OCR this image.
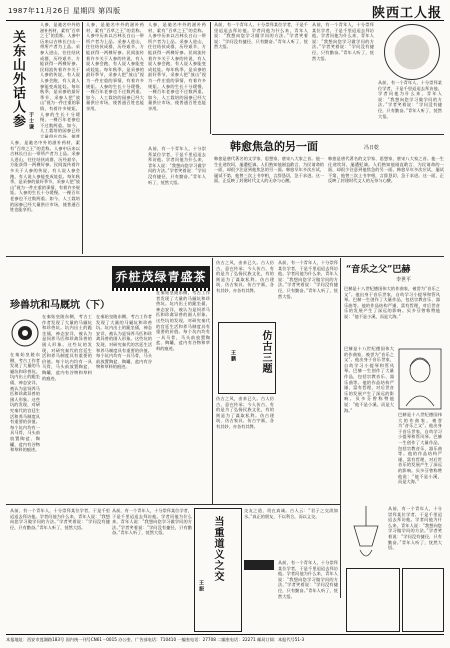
1987年11月26日 星期四 第四版	陕西工人报
关东山外话人参 于士谦
人参，是驰名中外的滋补药材，素有“百草之王”的美称。人参中历来以吉林长白山一带所产者为上品。采参人进山，往往结伙成群，历经艰辛，方能获得一两棵好参。民间流传着许多关于人参的传说，有人说人参会跑，有人说人参能变成娃娃。每年秋季，是采参的最好季节，采参人把“放山”视为一件庄重的事情，有着许多规矩。人参的生长十分缓慢，一棵百年老参也不过数两重。如今，人工栽培的园参已经大量供应市场，使普
人参，是驰名中外的滋补药材，素有“百草之王”的美称。人参中历来以吉林长白山一带所产者为上品。采参人进山，往往结伙成群，历经艰辛，方能获得一两棵好参。民间流传着许多关于人参的传说，有人说人参会跑，有人说人参能变成娃娃。每年秋季，是采参的最好季节，采参人把“放山”视为一件庄重的事情，有着许多规矩。人参的生长十分缓慢，一棵百年老参也不过数两重。如今，人工栽培的园参已经大量供应市场，使普通百姓也能享用。
人参，是驰名中外的滋补药材，素有“百草之王”的美称。人参中历来以吉林长白山一带所产者为上品。采参人进山，往往结伙成群，历经艰辛，方能获得一两棵好参。民间流传着许多关于人参的传说，有人说人参会跑，有人说人参能变成娃娃。每年秋季，是采参的最好季节，采参人把“放山”视为一件庄重的事情，有着许多规矩。人参的生长十分缓慢，一棵百年老参也不过数两重。如今，人工栽培的园参已经大量供应市场，使普通百姓也能享用。
人参，是驰名中外的滋补药材，素有“百草之王”的美称。人参中历来以吉林长白山一带所产者为上品。采参人进山，往往结伙成群，历经艰辛，方能获得一两棵好参。民间流传着许多关于人参的传说，有人说人参会跑，有人说人参能变成娃娃。每年秋季，是采参的最好季节，采参人把“放山”视为一件庄重的事情，有着许多规矩。人参的生长十分缓慢，一棵百年老参也不过数两重。如今，人工栽培的园参已经大量供应市场，使普通百姓也能享用。
从前，有一个青年人，十分崇拜某位学者，于是千里迢迢去拜访他。学者问他为什么来，青年人说：“我想向您学习做学问的方法。”学者笑着说：“学问没有捷径，只有勤奋。”青年人听了，恍然大悟。
从前，有一个青年人，十分崇拜某位学者，于是千里迢迢去拜访他。学者问他为什么来，青年人说：“我想向您学习做学问的方法。”学者笑着说：“学问没有捷径，只有勤奋。”青年人听了，恍然大悟。
从前，有一个青年人，十分崇拜某位学者，于是千里迢迢去拜访他。学者问他为什么来，青年人说：“我想向您学习做学问的方法。”学者笑着说：“学问没有捷径，只有勤奋。”青年人听了，恍然大悟。
韩愈焦急的另一面	冯日乾
韩愈是唐代著名的文学家、思想家，唐宋八大家之首。他一生仕途坎坷，屡遭贬谪。人们熟知他刚直敢言、为民请命的一面，却很少注意到他焦急的另一面。韩愈早年多次应试，屡试不第，他曾三次上书宰相，言辞恳切，急于求进。这一面，正反映了封建时代文人的无奈与心酸。
韩愈是唐代著名的文学家、思想家，唐宋八大家之首。他一生仕途坎坷，屡遭贬谪。人们熟知他刚直敢言、为民请命的一面，却很少注意到他焦急的另一面。韩愈早年多次应试，屡试不第，他曾三次上书宰相，言辞恳切，急于求进。这一面，正反映了封建时代文人的无奈与心酸。
从前，有一个青年人，十分崇拜某位学者，于是千里迢迢去拜访他。学者问他为什么来，青年人说：“我想向您学习做学问的方法。”学者笑着说：“学问没有捷径，只有勤奋。”青年人听了，恍然大悟。
乔桩茂绿青盛茶
珍兽坑和马厩坑（下）
在秦始皇陵东侧，考古工作者发现了大量的马厩坑和珍兽坑。坑内出土的跪坐俑，神态安详，被认为是饲养马匹和珍禽异兽的圉人形象。这些坑的发现，对研究秦代的宫廷生活和养马制度具有重要的价值。每个坑内均有一具马骨，马头前放置陶盆、陶罐，盆内有谷物和草料的痕迹。
在秦始皇陵东侧，考古工作者发现了大量的马厩坑和珍兽坑。坑内出土的跪坐俑，神态安详，被认为是饲养马匹和珍禽异兽的圉人形象。这些坑的发现，对研究秦代的宫廷生活和养马制度具有重要的价值。每个坑内均有一具马骨，马头前放置陶盆、陶罐，盆内有谷物和草料的痕迹。
在秦始皇陵东侧，考古工作者发现了大量的马厩坑和珍兽坑。坑内出土的跪坐俑，神态安详，被认为是饲养马匹和珍禽异兽的圉人形象。这些坑的发现，对研究秦代的宫廷生活和养马制度具有重要的价值。每个坑内均有一具马骨，马头前放置陶盆、陶罐，盆内有谷物和草料的痕迹。
在秦始皇陵东侧，考古工作者发现了大量的马厩坑和珍兽坑。坑内出土的跪坐俑，神态安详，被认为是饲养马匹和珍禽异兽的圉人形象。这些坑的发现，对研究秦代的宫廷生活和养马制度具有重要的价值。每个坑内均有一具马骨，马头前放置陶盆、陶罐，盆内有谷物和草料的痕迹。
仿古之风，由来已久。古人仿古，意在传承；今人仿古，有的是为了弘扬民族文化，有的则是为了谋取私利。仿古建筑、仿古家具、仿古字画，各有其妙，亦各有其弊。
仿古三题
王鹏
仿古之风，由来已久。古人仿古，意在传承；今人仿古，有的是为了弘扬民族文化，有的则是为了谋取私利。仿古建筑、仿古家具、仿古字画，各有其妙，亦各有其弊。
从前，有一个青年人，十分崇拜某位学者，于是千里迢迢去拜访他。学者问他为什么来，青年人说：“我想向您学习做学问的方法。”学者笑着说：“学问没有捷径，只有勤奋。”青年人听了，恍然大悟。
“音乐之父”巴赫
李世平
巴赫是十八世纪德国伟大的作曲家，被誉为“音乐之父”。他出身于音乐世家，自幼学习小提琴和管风琴。巴赫一生创作了大量作品，包括宗教音乐、器乐曲等。他的作品结构严谨，富有哲理，对后世音乐的发展产生了深远的影响。贝多芬曾称赞他说：“他不是小溪，而是大海。”
巴赫是十八世纪德国伟大的作曲家，被誉为“音乐之父”。他出身于音乐世家，自幼学习小提琴和管风琴。巴赫一生创作了大量作品，包括宗教音乐、器乐曲等。他的作品结构严谨，富有哲理，对后世音乐的发展产生了深远的影响。贝多芬曾称赞他说：“他不是小溪，而是大海。”
巴赫是十八世纪德国伟大的作曲家，被誉为“音乐之父”。他出身于音乐世家，自幼学习小提琴和管风琴。巴赫一生创作了大量作品，包括宗教音乐、器乐曲等。他的作品结构严谨，富有哲理，对后世音乐的发展产生了深远的影响。贝多芬曾称赞他说：“他不是小溪，而是大海。”
从前，有一个青年人，十分崇拜某位学者，于是千里迢迢去拜访他。学者问他为什么来，青年人说：“我想向您学习做学问的方法。”学者笑着说：“学问没有捷径，只有勤奋。”青年人听了，恍然大悟。
从前，有一个青年人，十分崇拜某位学者，于是千里迢迢去拜访他。学者问他为什么来，青年人说：“我想向您学习做学问的方法。”学者笑着说：“学问没有捷径，只有勤奋。”青年人听了，恍然大悟。	当重道义之交
王振
交友之道，贵在真诚。古人云：“君子之交淡如水。”真正的朋友，不以利合，而以义交。
从前，有一个青年人，十分崇拜某位学者，于是千里迢迢去拜访他。学者问他为什么来，青年人说：“我想向您学习做学问的方法。”学者笑着说：“学问没有捷径，只有勤奋。”青年人听了，恍然大悟。
从前，有一个青年人，十分崇拜某位学者，于是千里迢迢去拜访他。学者问他为什么来，青年人说：“我想向您学习做学问的方法。”学者笑着说：“学问没有捷径，只有勤奋。”青年人听了，恍然大悟。
本报地址：西安市莲湖路183号 国内统一刊号CN61－0015 办公室、广告部电话：710410 一编室电话：27708 二编室电话：22271 邮局订阅：本报代号51-3
